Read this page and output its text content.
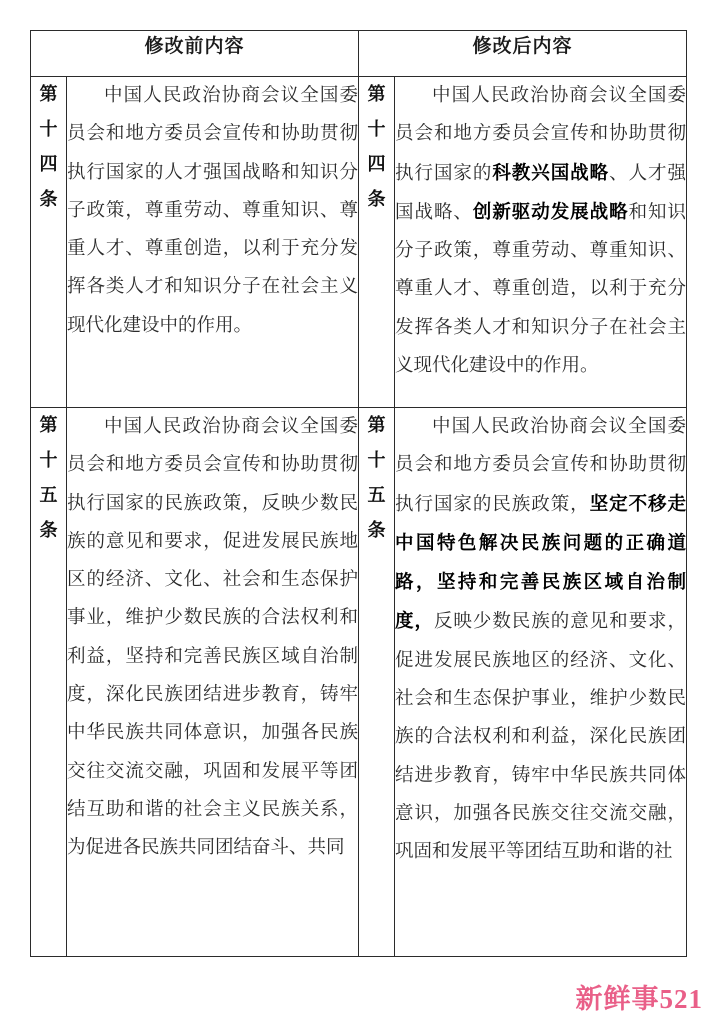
修改前内容		修改后内容	

第
十
四
条	中国人民政治协商会议全国委员会和地方委员会宣传和协助贯彻执行国家的人才强国战略和知识分子政策，尊重劳动、尊重知识、尊重人才、尊重创造，以利于充分发挥各类人才和知识分子在社会主义现代化建设中的作用。	第
十
四
条	中国人民政治协商会议全国委员会和地方委员会宣传和协助贯彻执行国家的科教兴国战略、人才强国战略、创新驱动发展战略和知识分子政策，尊重劳动、尊重知识、尊重人才、尊重创造，以利于充分发挥各类人才和知识分子在社会主义现代化建设中的作用。

第
十
五
条	中国人民政治协商会议全国委员会和地方委员会宣传和协助贯彻执行国家的民族政策，反映少数民族的意见和要求，促进发展民族地区的经济、文化、社会和生态保护事业，维护少数民族的合法权利和利益，坚持和完善民族区域自治制度，深化民族团结进步教育，铸牢中华民族共同体意识，加强各民族交往交流交融，巩固和发展平等团结互助和谐的社会主义民族关系，为促进各民族共同团结奋斗、共同	第
十
五
条	中国人民政治协商会议全国委员会和地方委员会宣传和协助贯彻执行国家的民族政策，坚定不移走中国特色解决民族问题的正确道路，坚持和完善民族区域自治制度，反映少数民族的意见和要求，促进发展民族地区的经济、文化、社会和生态保护事业，维护少数民族的合法权利和利益，深化民族团结进步教育，铸牢中华民族共同体意识，加强各民族交往交流交融，巩固和发展平等团结互助和谐的社

新鲜事521
